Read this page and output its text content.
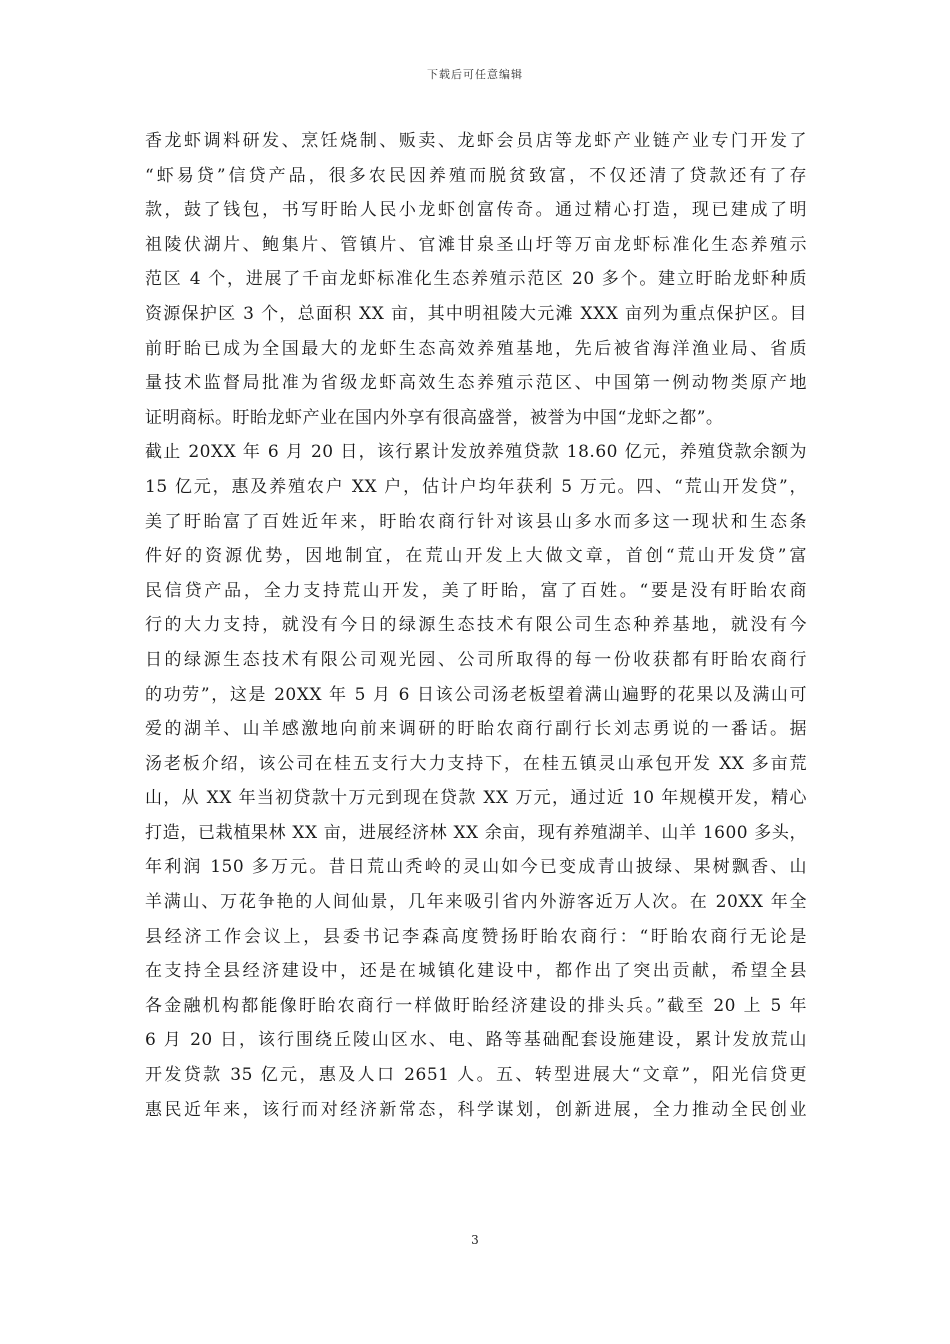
下载后可任意编辑
香龙虾调料研发、烹饪烧制、贩卖、龙虾会员店等龙虾产业链产业专门开发了
“虾易贷”信贷产品，很多农民因养殖而脱贫致富，不仅还清了贷款还有了存
款，鼓了钱包，书写盱眙人民小龙虾创富传奇。通过精心打造，现已建成了明
祖陵伏湖片、鲍集片、管镇片、官滩甘泉圣山圩等万亩龙虾标准化生态养殖示
范区 4 个，进展了千亩龙虾标准化生态养殖示范区 20 多个。建立盱眙龙虾种质
资源保护区 3 个，总面积 XX 亩，其中明祖陵大元滩 XXX 亩列为重点保护区。目
前盱眙已成为全国最大的龙虾生态高效养殖基地，先后被省海洋渔业局、省质
量技术监督局批准为省级龙虾高效生态养殖示范区、中国第一例动物类原产地
证明商标。盱眙龙虾产业在国内外享有很高盛誉，被誉为中国“龙虾之都”。
截止 20XX 年 6 月 20 日，该行累计发放养殖贷款 18.60 亿元，养殖贷款余额为
15 亿元，惠及养殖农户 XX 户，估计户均年获利 5 万元。四、“荒山开发贷”，
美了盱眙富了百姓近年来，盱眙农商行针对该县山多水而多这一现状和生态条
件好的资源优势，因地制宜，在荒山开发上大做文章，首创“荒山开发贷”富
民信贷产品，全力支持荒山开发，美了盱眙，富了百姓。“要是没有盱眙农商
行的大力支持，就没有今日的绿源生态技术有限公司生态种养基地，就没有今
日的绿源生态技术有限公司观光园、公司所取得的每一份收获都有盱眙农商行
的功劳”，这是 20XX 年 5 月 6 日该公司汤老板望着满山遍野的花果以及满山可
爱的湖羊、山羊感激地向前来调研的盱眙农商行副行长刘志勇说的一番话。据
汤老板介绍，该公司在桂五支行大力支持下，在桂五镇灵山承包开发 XX 多亩荒
山，从 XX 年当初贷款十万元到现在贷款 XX 万元，通过近 10 年规模开发，精心
打造，已栽植果林 XX 亩，进展经济林 XX 余亩，现有养殖湖羊、山羊 1600 多头，
年利润 150 多万元。昔日荒山秃岭的灵山如今已变成青山披绿、果树飘香、山
羊满山、万花争艳的人间仙景，几年来吸引省内外游客近万人次。在 20XX 年全
县经济工作会议上，县委书记李森高度赞扬盱眙农商行：“盱眙农商行无论是
在支持全县经济建设中，还是在城镇化建设中，都作出了突出贡献，希望全县
各金融机构都能像盱眙农商行一样做盱眙经济建设的排头兵。”截至 20 上 5 年
6 月 20 日，该行围绕丘陵山区水、电、路等基础配套设施建设，累计发放荒山
开发贷款 35 亿元，惠及人口 2651 人。五、转型进展大“文章”，阳光信贷更
惠民近年来，该行而对经济新常态，科学谋划，创新进展，全力推动全民创业
3
